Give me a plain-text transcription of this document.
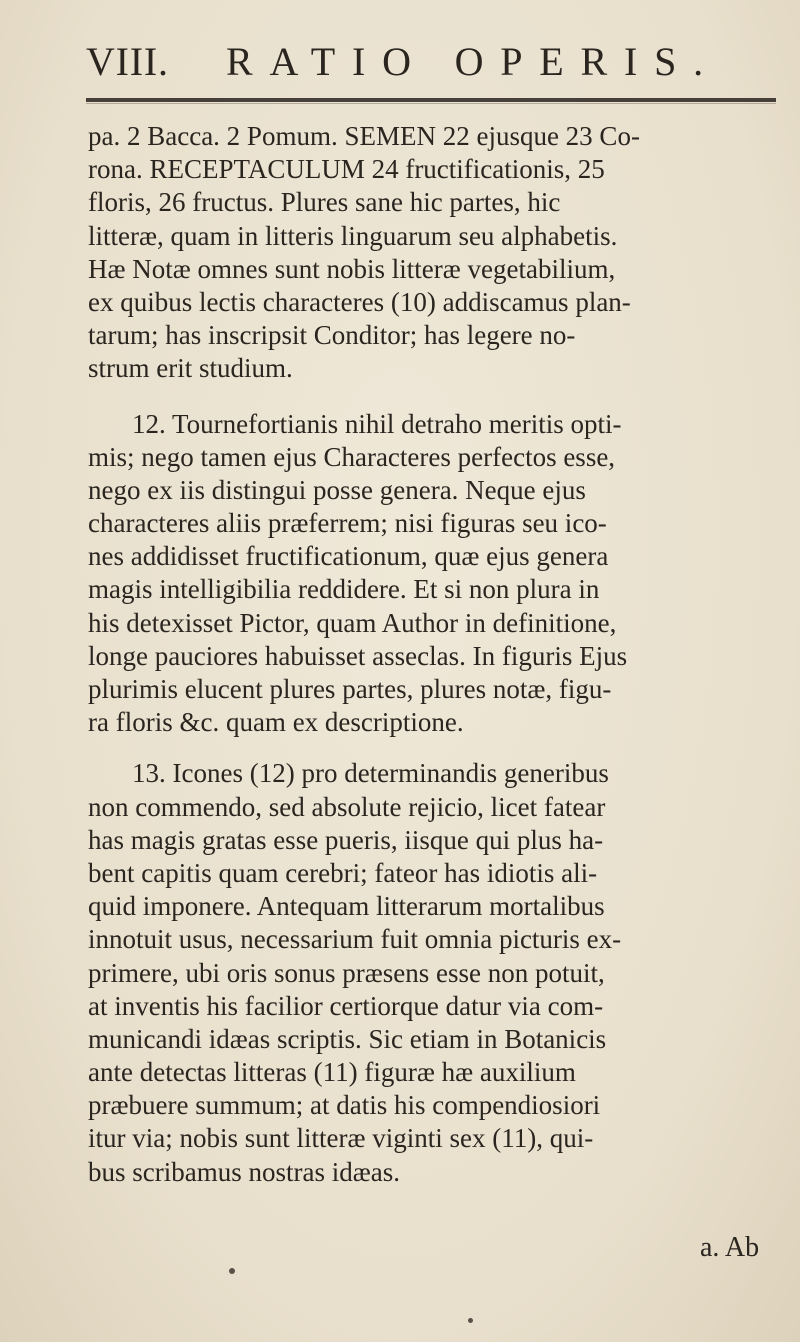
VIII. RATIO OPERIS.
pa. 2 Bacca. 2 Pomum. SEMEN 22 ejusque 23 Co-
rona. RECEPTACULUM 24 fructificationis, 25
floris, 26 fructus. Plures sane hic partes, hic
litteræ, quam in litteris linguarum seu alphabetis.
Hæ Notæ omnes sunt nobis litteræ vegetabilium,
ex quibus lectis characteres (10) addiscamus plan-
tarum; has inscripsit Conditor; has legere no-
strum erit studium.
12. Tournefortianis nihil detraho meritis opti-
mis; nego tamen ejus Characteres perfectos esse,
nego ex iis distingui posse genera. Neque ejus
characteres aliis præferrem; nisi figuras seu ico-
nes addidisset fructificationum, quæ ejus genera
magis intelligibilia reddidere. Et si non plura in
his detexisset Pictor, quam Author in definitione,
longe pauciores habuisset asseclas. In figuris Ejus
plurimis elucent plures partes, plures notæ, figu-
ra floris &c. quam ex descriptione.
13. Icones (12) pro determinandis generibus
non commendo, sed absolute rejicio, licet fatear
has magis gratas esse pueris, iisque qui plus ha-
bent capitis quam cerebri; fateor has idiotis ali-
quid imponere. Antequam litterarum mortalibus
innotuit usus, necessarium fuit omnia picturis ex-
primere, ubi oris sonus præsens esse non potuit,
at inventis his facilior certiorque datur via com-
municandi idæas scriptis. Sic etiam in Botanicis
ante detectas litteras (11) figuræ hæ auxilium
præbuere summum; at datis his compendiosiori
itur via; nobis sunt litteræ viginti sex (11), qui-
bus scribamus nostras idæas.
a. Ab
